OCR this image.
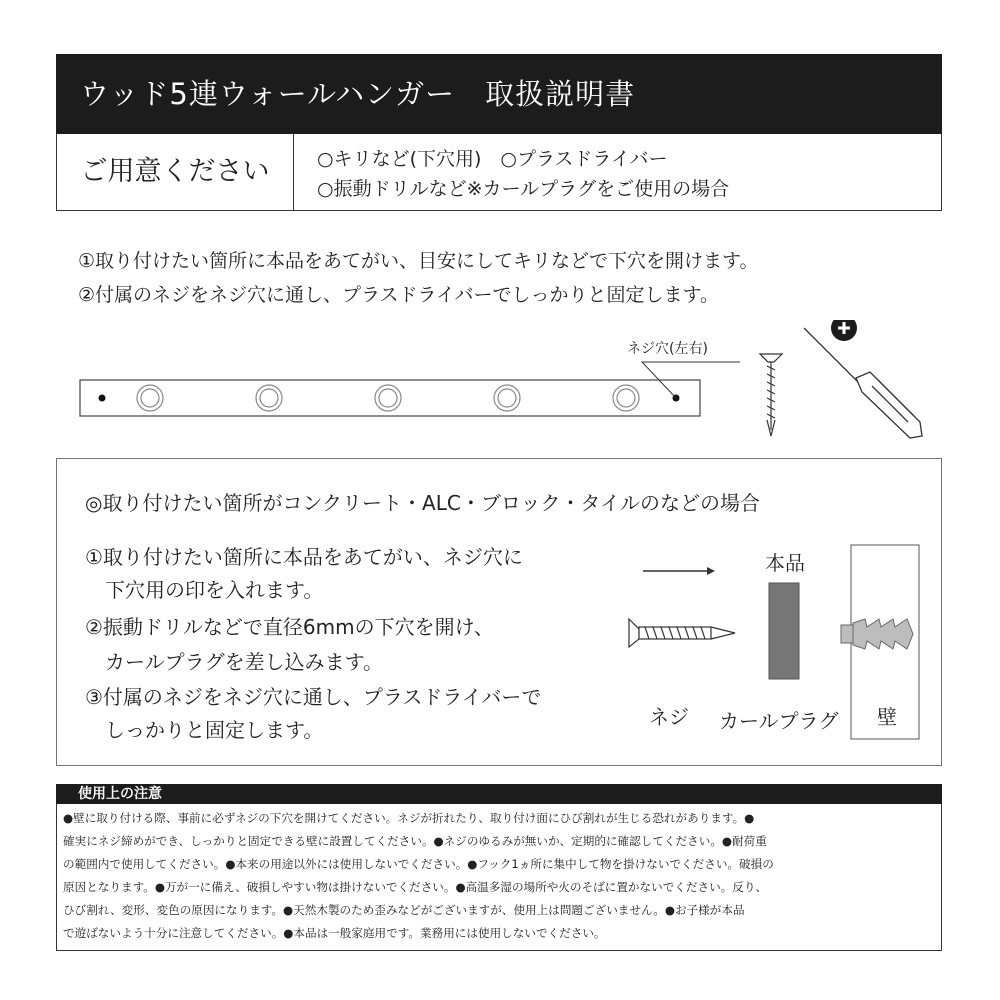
ウッド5連ウォールハンガー　取扱説明書
ご用意ください	○キリなど(下穴用)　○プラスドライバー
○振動ドリルなど※カールプラグをご使用の場合
①取り付けたい箇所に本品をあてがい、目安にしてキリなどで下穴を開けます。
②付属のネジをネジ穴に通し、プラスドライバーでしっかりと固定します。
ネジ穴(左右)
◎取り付けたい箇所がコンクリート・ALC・ブロック・タイルのなどの場合
①取り付けたい箇所に本品をあてがい、ネジ穴に
　下穴用の印を入れます。
②振動ドリルなどで直径6mmの下穴を開け、
　カールプラグを差し込みます。
③付属のネジをネジ穴に通し、プラスドライバーで
　しっかりと固定します。
本品
ネジ カールプラグ 壁
使用上の注意
●壁に取り付ける際、事前に必ずネジの下穴を開けてください。ネジが折れたり、取り付け面にひび割れが生じる恐れがあります。●
確実にネジ締めができ、しっかりと固定できる壁に設置してください。●ネジのゆるみが無いか、定期的に確認してください。●耐荷重
の範囲内で使用してください。●本来の用途以外には使用しないでください。●フック1ヵ所に集中して物を掛けないでください。破損の
原因となります。●万が一に備え、破損しやすい物は掛けないでください。●高温多湿の場所や火のそばに置かないでください。反り、
ひび割れ、変形、変色の原因になります。●天然木製のため歪みなどがございますが、使用上は問題ございません。●お子様が本品
で遊ばないよう十分に注意してください。●本品は一般家庭用です。業務用には使用しないでください。
